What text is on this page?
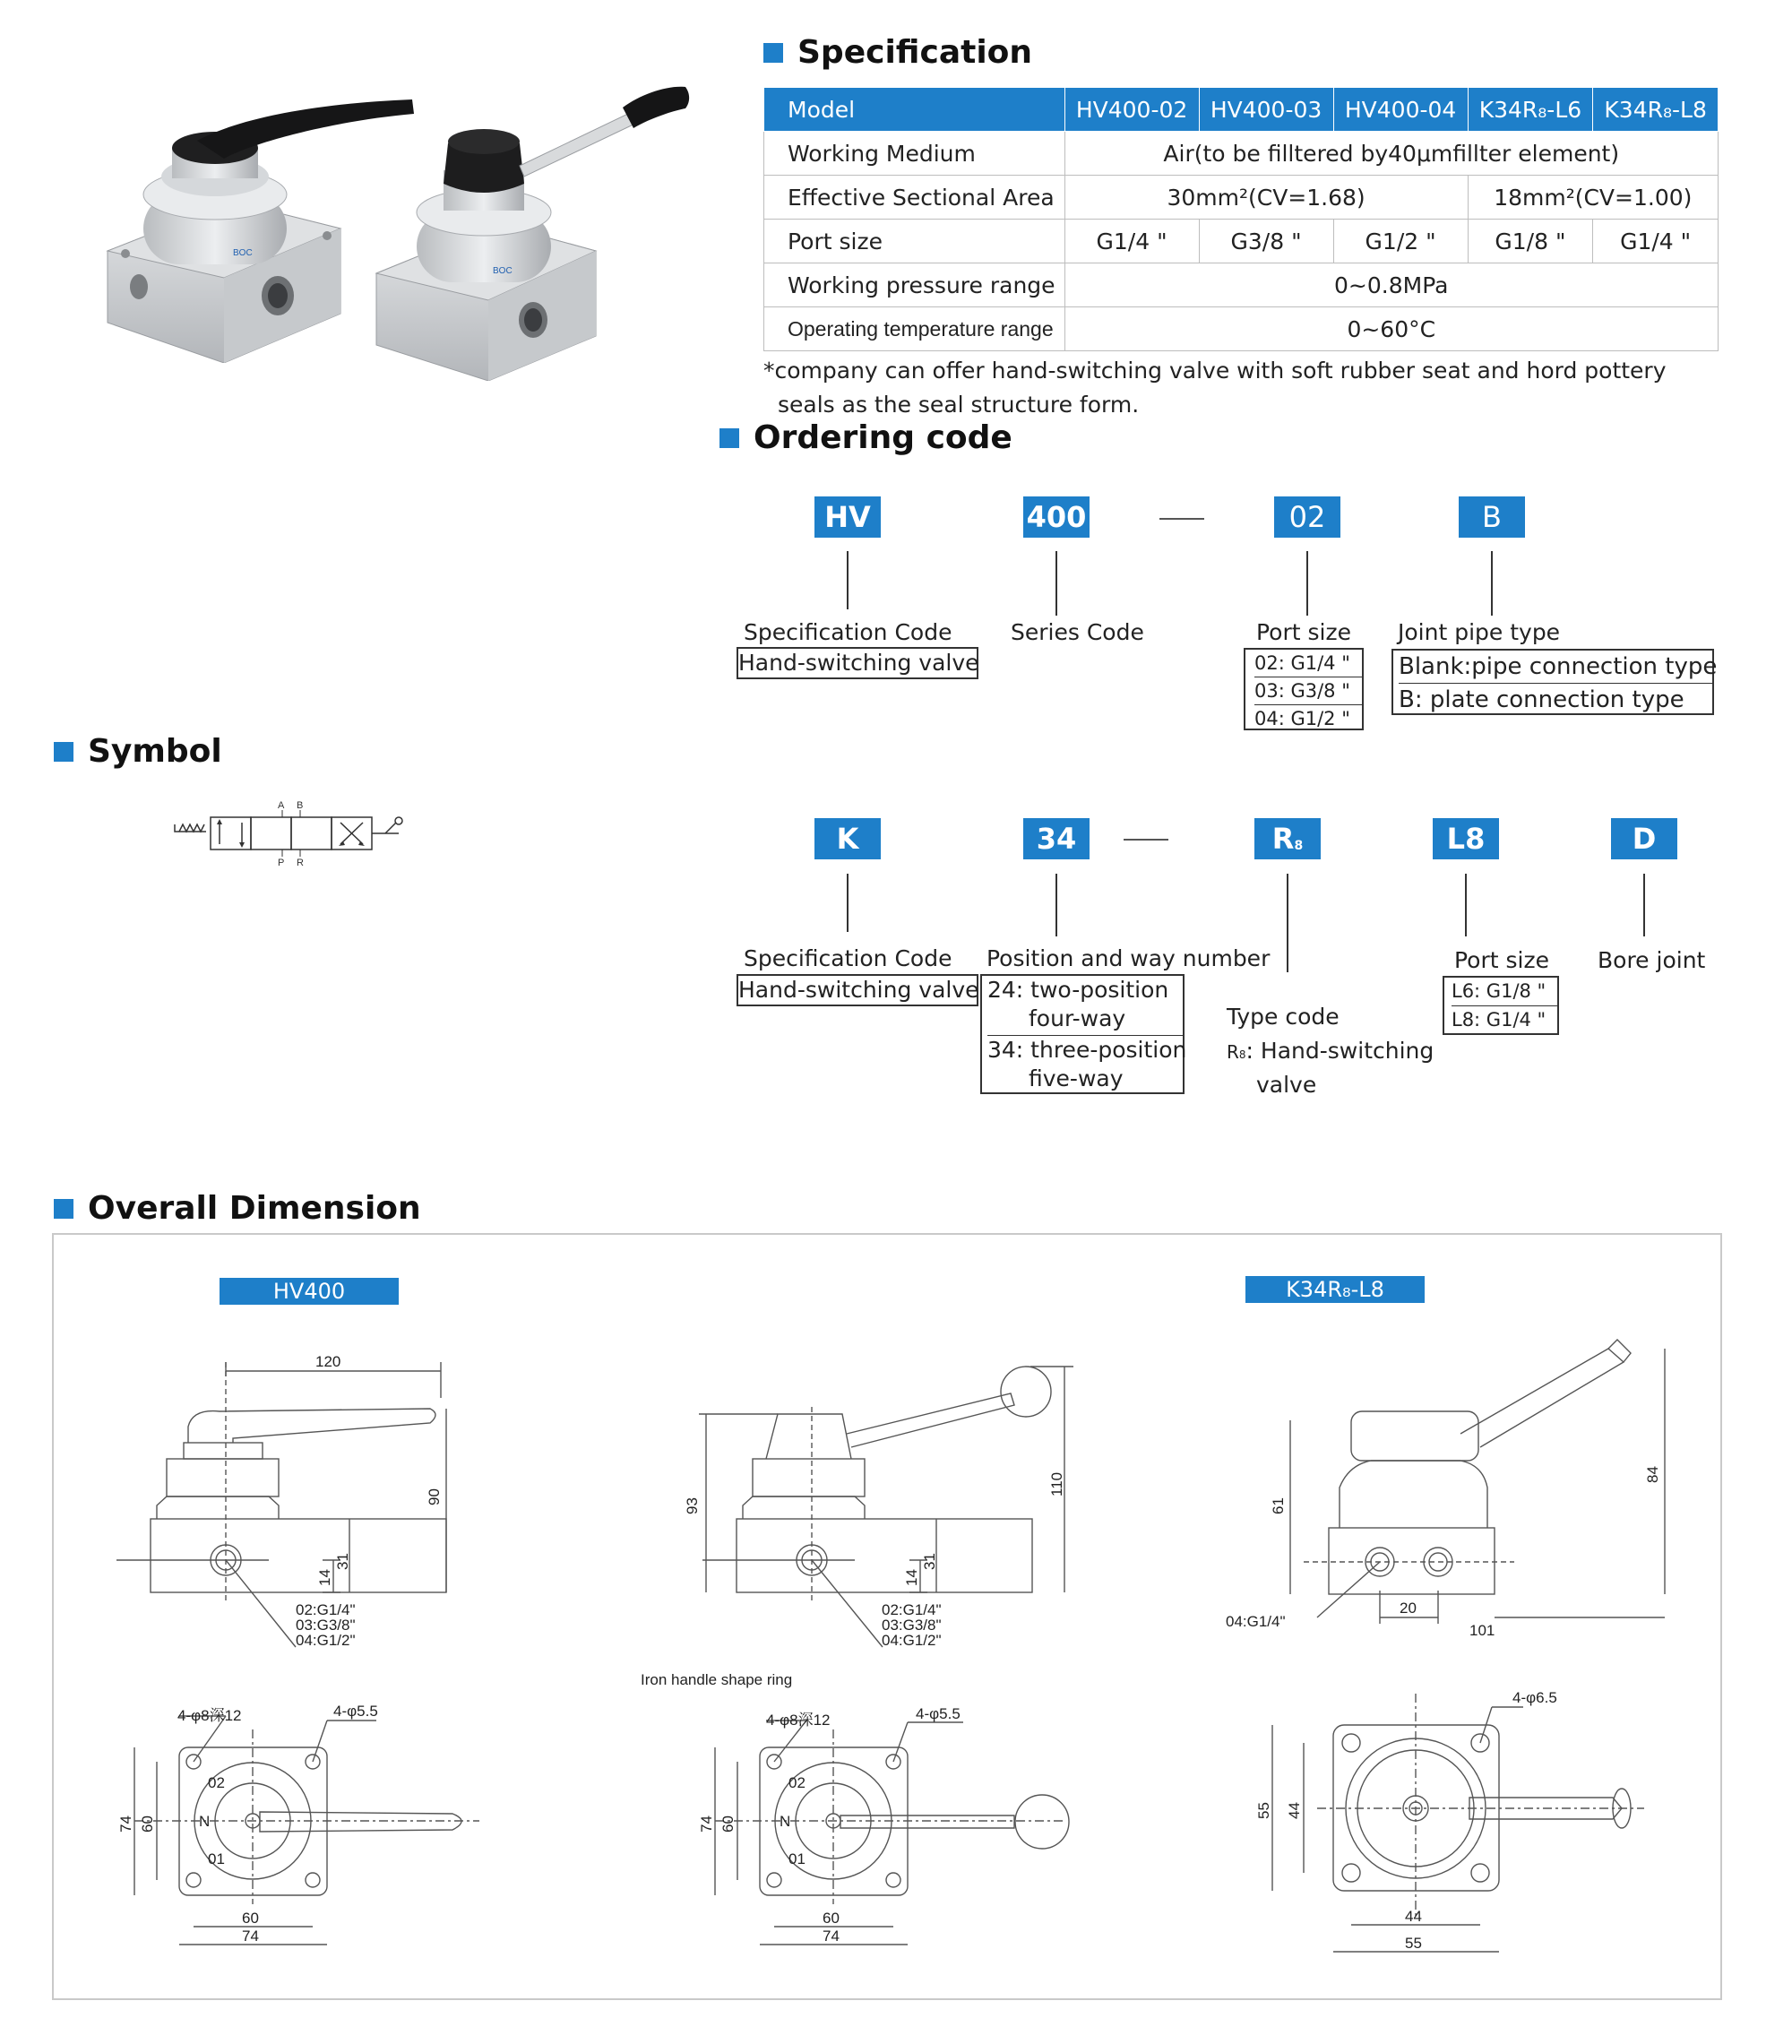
BOC
BOC
Specification
Model	HV400-02	HV400-03	HV400-04	K34R₈-L6	K34R₈-L8
Working Medium	Air(to be filltered by40μmfillter element)				
Effective Sectional Area	30mm²(CV=1.68)			18mm²(CV=1.00)	
Port size	G1/4 "	G3/8 "	G1/2 "	G1/8 "	G1/4 "
Working pressure range	0~0.8MPa				
Operating temperature range	0~60°C				
*company can offer hand-switching valve with soft rubber seat and hord pottery
seals as the seal structure form.
Ordering code
HV	400	02	B
Specification Code
Hand-switching valve
Series Code	Port size
02: G1/4 "
03: G3/8 "
04: G1/2 "
Joint pipe type
Blank:pipe connection type
B: plate connection type
K	34	R 8	L8	D
Specification Code
Hand-switching valve
Position and way number
24: two-position
four-way
34: three-position
five-way
Type code
R8: Hand-switching
valve
Port size
L6: G1/8 "
L8: G1/4 "
Bore joint
Symbol
A B
P R
Overall Dimension
HV400	K34R₈-L8
120
90
14
31
02:G1/4"
03:G3/8"
04:G1/2"
93
110
14
31
02:G1/4"
03:G3/8"
04:G1/2"
Iron handle shape ring
61
84
04:G1/4"
20
101
4-φ8深12	4-φ5.5
74 60
60
74
02
N
01
4-φ8深12	4-φ5.5
74 60
60
74
02
N
01
4-φ6.5
55 44
44
55
